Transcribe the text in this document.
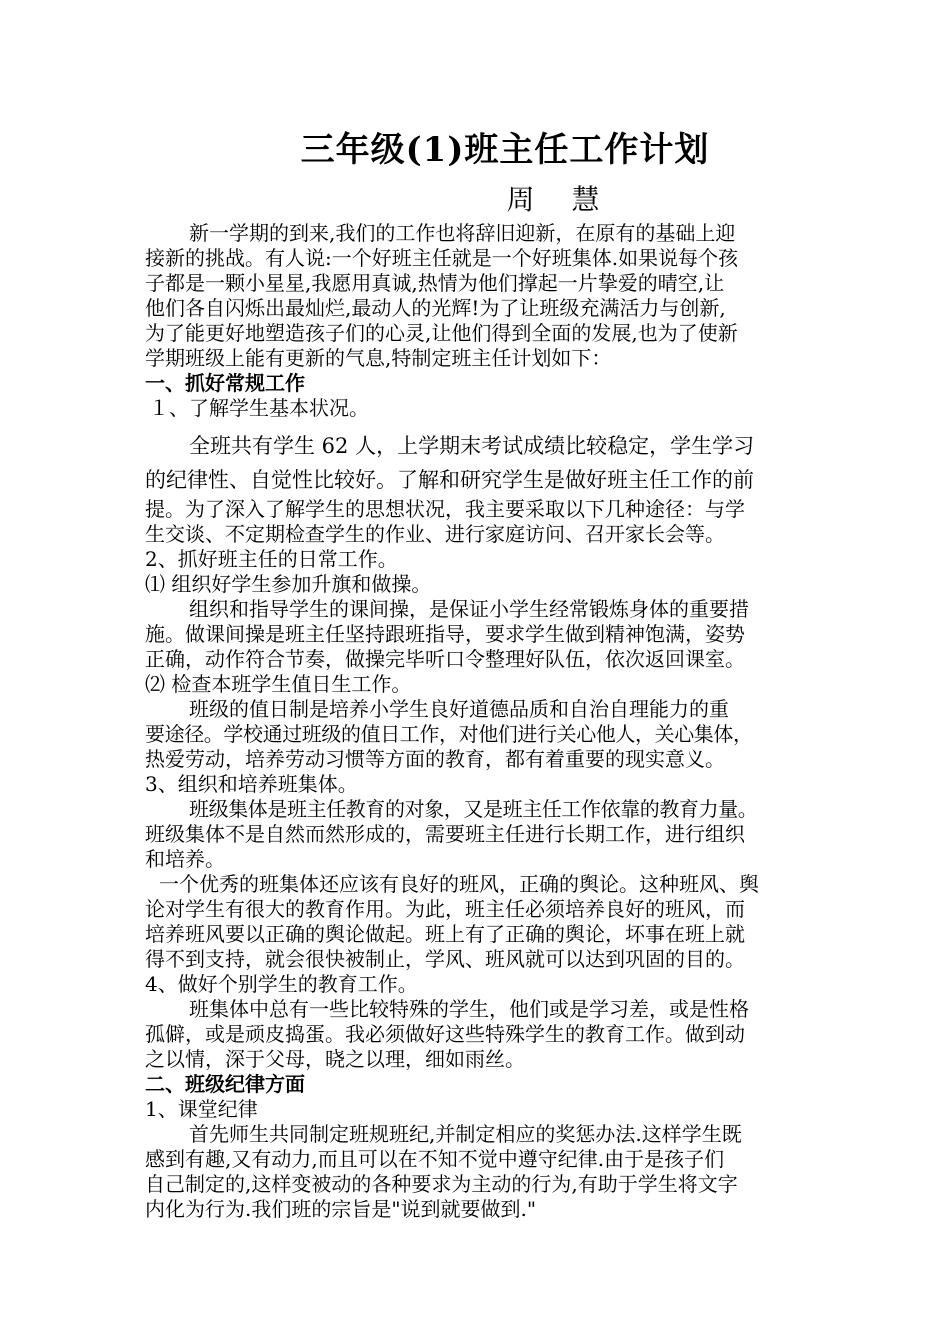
三年级(1)班主任工作计划
周 慧

新一学期的到来,我们的工作也将辞旧迎新，在原有的基础上迎

接新的挑战。有人说:一个好班主任就是一个好班集体.如果说每个孩

子都是一颗小星星,我愿用真诚,热情为他们撑起一片挚爱的晴空,让

他们各自闪烁出最灿烂,最动人的光辉!为了让班级充满活力与创新,

为了能更好地塑造孩子们的心灵,让他们得到全面的发展,也为了使新

学期班级上能有更新的气息,特制定班主任计划如下：

一、抓好常规工作

１、了解学生基本状况。

全班共有学生 62 人，上学期末考试成绩比较稳定，学生学习

的纪律性、自觉性比较好。了解和研究学生是做好班主任工作的前

提。为了深入了解学生的思想状况，我主要采取以下几种途径：与学

生交谈、不定期检查学生的作业、进行家庭访问、召开家长会等。

2、抓好班主任的日常工作。

⑴ 组织好学生参加升旗和做操。

组织和指导学生的课间操，是保证小学生经常锻炼身体的重要措

施。做课间操是班主任坚持跟班指导，要求学生做到精神饱满，姿势

正确，动作符合节奏，做操完毕听口令整理好队伍，依次返回课室。

⑵ 检查本班学生值日生工作。

班级的值日制是培养小学生良好道德品质和自治自理能力的重

要途径。学校通过班级的值日工作，对他们进行关心他人，关心集体，

热爱劳动，培养劳动习惯等方面的教育，都有着重要的现实意义。

3、组织和培养班集体。

班级集体是班主任教育的对象，又是班主任工作依靠的教育力量。

班级集体不是自然而然形成的，需要班主任进行长期工作，进行组织

和培养。

一个优秀的班集体还应该有良好的班风，正确的舆论。这种班风、舆

论对学生有很大的教育作用。为此，班主任必须培养良好的班风，而

培养班风要以正确的舆论做起。班上有了正确的舆论，坏事在班上就

得不到支持，就会很快被制止，学风、班风就可以达到巩固的目的。

4、做好个别学生的教育工作。

班集体中总有一些比较特殊的学生，他们或是学习差，或是性格

孤僻，或是顽皮捣蛋。我必须做好这些特殊学生的教育工作。做到动

之以情，深于父母，晓之以理，细如雨丝。

二、班级纪律方面

1、课堂纪律

首先师生共同制定班规班纪,并制定相应的奖惩办法.这样学生既

感到有趣,又有动力,而且可以在不知不觉中遵守纪律.由于是孩子们

自己制定的,这样变被动的各种要求为主动的行为,有助于学生将文字

内化为行为.我们班的宗旨是"说到就要做到."
